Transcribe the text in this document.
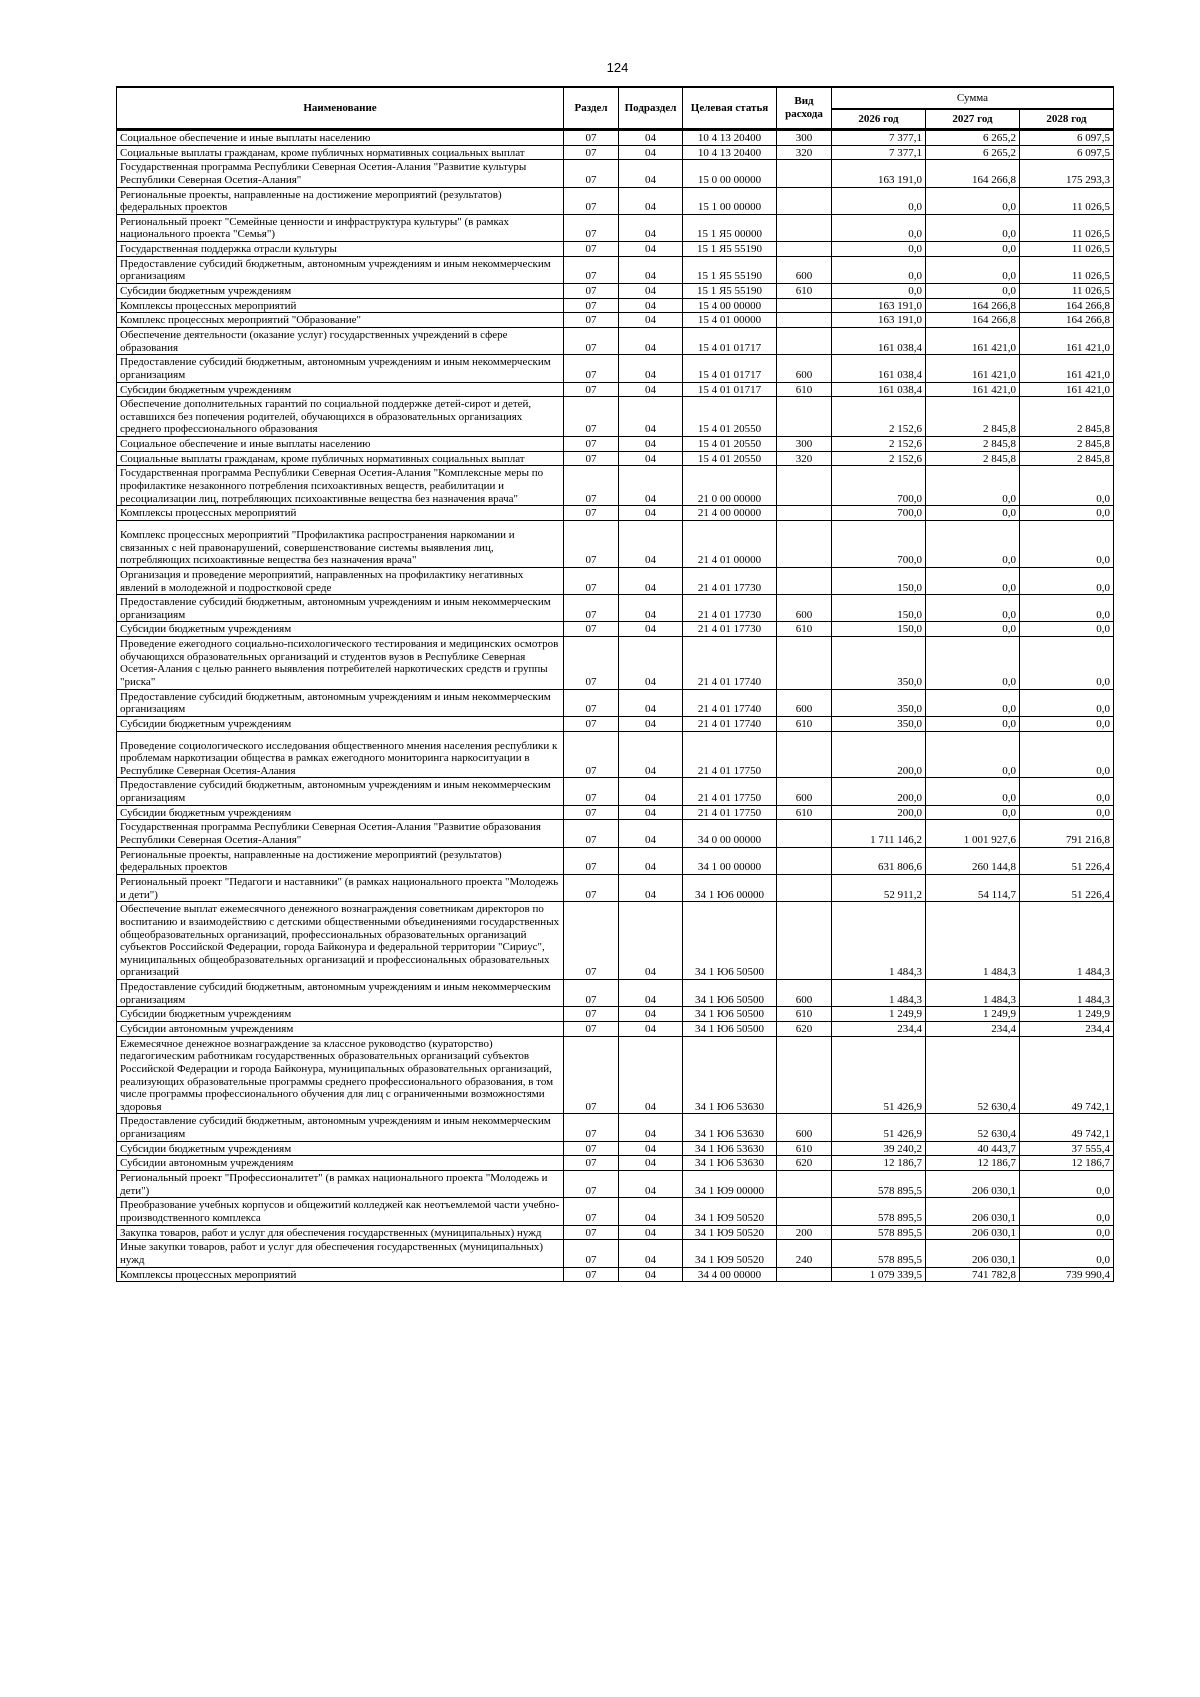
124
Наименование	Раздел	Подраздел	Целевая статья	Вид расхода	Сумма		
					2026 год	2027 год	2028 год
Социальное обеспечение и иные выплаты населению	07	04	10 4 13 20400	300	7 377,1	6 265,2	6 097,5
Социальные выплаты гражданам, кроме публичных нормативных социальных выплат	07	04	10 4 13 20400	320	7 377,1	6 265,2	6 097,5
Государственная программа Республики Северная Осетия-Алания "Развитие культуры Республики Северная Осетия-Алания"	07	04	15 0 00 00000		163 191,0	164 266,8	175 293,3
Региональные проекты, направленные на достижение мероприятий (результатов) федеральных проектов	07	04	15 1 00 00000		0,0	0,0	11 026,5
Региональный проект "Семейные ценности и инфраструктура культуры" (в рамках национального проекта "Семья")	07	04	15 1 Я5 00000		0,0	0,0	11 026,5
Государственная поддержка отрасли культуры	07	04	15 1 Я5 55190		0,0	0,0	11 026,5
Предоставление субсидий бюджетным, автономным учреждениям и иным некоммерческим организациям	07	04	15 1 Я5 55190	600	0,0	0,0	11 026,5
Субсидии бюджетным учреждениям	07	04	15 1 Я5 55190	610	0,0	0,0	11 026,5
Комплексы процессных мероприятий	07	04	15 4 00 00000		163 191,0	164 266,8	164 266,8
Комплекс процессных мероприятий "Образование"	07	04	15 4 01 00000		163 191,0	164 266,8	164 266,8
Обеспечение деятельности (оказание услуг) государственных учреждений в сфере образования	07	04	15 4 01 01717		161 038,4	161 421,0	161 421,0
Предоставление субсидий бюджетным, автономным учреждениям и иным некоммерческим организациям	07	04	15 4 01 01717	600	161 038,4	161 421,0	161 421,0
Субсидии бюджетным учреждениям	07	04	15 4 01 01717	610	161 038,4	161 421,0	161 421,0
Обеспечение дополнительных гарантий по социальной поддержке детей-сирот и детей, оставшихся без попечения родителей, обучающихся в образовательных организациях среднего профессионального образования	07	04	15 4 01 20550		2 152,6	2 845,8	2 845,8
Социальное обеспечение и иные выплаты населению	07	04	15 4 01 20550	300	2 152,6	2 845,8	2 845,8
Социальные выплаты гражданам, кроме публичных нормативных социальных выплат	07	04	15 4 01 20550	320	2 152,6	2 845,8	2 845,8
Государственная программа Республики Северная Осетия-Алания "Комплексные меры по профилактике незаконного потребления психоактивных веществ, реабилитации и ресоциализации лиц, потребляющих психоактивные вещества без назначения врача"	07	04	21 0 00 00000		700,0	0,0	0,0
Комплексы процессных мероприятий	07	04	21 4 00 00000		700,0	0,0	0,0
Комплекс процессных мероприятий "Профилактика распространения наркомании и связанных с ней правонарушений, совершенствование системы выявления лиц, потребляющих психоактивные вещества без назначения врача"	07	04	21 4 01 00000		700,0	0,0	0,0
Организация и проведение мероприятий, направленных на профилактику негативных явлений в молодежной и подростковой среде	07	04	21 4 01 17730		150,0	0,0	0,0
Предоставление субсидий бюджетным, автономным учреждениям и иным некоммерческим организациям	07	04	21 4 01 17730	600	150,0	0,0	0,0
Субсидии бюджетным учреждениям	07	04	21 4 01 17730	610	150,0	0,0	0,0
Проведение ежегодного социально-психологического тестирования и медицинских осмотров обучающихся образовательных организаций и студентов вузов в Республике Северная Осетия-Алания с целью раннего выявления потребителей наркотических средств и группы "риска"	07	04	21 4 01 17740		350,0	0,0	0,0
Предоставление субсидий бюджетным, автономным учреждениям и иным некоммерческим организациям	07	04	21 4 01 17740	600	350,0	0,0	0,0
Субсидии бюджетным учреждениям	07	04	21 4 01 17740	610	350,0	0,0	0,0
Проведение социологического исследования общественного мнения населения республики к проблемам наркотизации общества в рамках ежегодного мониторинга наркоситуации в Республике Северная Осетия-Алания	07	04	21 4 01 17750		200,0	0,0	0,0
Предоставление субсидий бюджетным, автономным учреждениям и иным некоммерческим организациям	07	04	21 4 01 17750	600	200,0	0,0	0,0
Субсидии бюджетным учреждениям	07	04	21 4 01 17750	610	200,0	0,0	0,0
Государственная программа Республики Северная Осетия-Алания "Развитие образования Республики Северная Осетия-Алания"	07	04	34 0 00 00000		1 711 146,2	1 001 927,6	791 216,8
Региональные проекты, направленные на достижение мероприятий (результатов) федеральных проектов	07	04	34 1 00 00000		631 806,6	260 144,8	51 226,4
Региональный проект "Педагоги и наставники" (в рамках национального проекта "Молодежь и дети")	07	04	34 1 Ю6 00000		52 911,2	54 114,7	51 226,4
Обеспечение выплат ежемесячного денежного вознаграждения советникам директоров по воспитанию и взаимодействию с детскими общественными объединениями государственных общеобразовательных организаций, профессиональных образовательных организаций субъектов Российской Федерации, города Байконура и федеральной территории "Сириус", муниципальных общеобразовательных организаций и профессиональных образовательных организаций	07	04	34 1 Ю6 50500		1 484,3	1 484,3	1 484,3
Предоставление субсидий бюджетным, автономным учреждениям и иным некоммерческим организациям	07	04	34 1 Ю6 50500	600	1 484,3	1 484,3	1 484,3
Субсидии бюджетным учреждениям	07	04	34 1 Ю6 50500	610	1 249,9	1 249,9	1 249,9
Субсидии автономным учреждениям	07	04	34 1 Ю6 50500	620	234,4	234,4	234,4
Ежемесячное денежное вознаграждение за классное руководство (кураторство) педагогическим работникам государственных образовательных организаций субъектов Российской Федерации и города Байконура, муниципальных образовательных организаций, реализующих образовательные программы среднего профессионального образования, в том числе программы профессионального обучения для лиц с ограниченными возможностями здоровья	07	04	34 1 Ю6 53630		51 426,9	52 630,4	49 742,1
Предоставление субсидий бюджетным, автономным учреждениям и иным некоммерческим организациям	07	04	34 1 Ю6 53630	600	51 426,9	52 630,4	49 742,1
Субсидии бюджетным учреждениям	07	04	34 1 Ю6 53630	610	39 240,2	40 443,7	37 555,4
Субсидии автономным учреждениям	07	04	34 1 Ю6 53630	620	12 186,7	12 186,7	12 186,7
Региональный проект "Профессионалитет" (в рамках национального проекта "Молодежь и дети")	07	04	34 1 Ю9 00000		578 895,5	206 030,1	0,0
Преобразование учебных корпусов и общежитий колледжей как неотъемлемой части учебно-производственного комплекса	07	04	34 1 Ю9 50520		578 895,5	206 030,1	0,0
Закупка товаров, работ и услуг для обеспечения государственных (муниципальных) нужд	07	04	34 1 Ю9 50520	200	578 895,5	206 030,1	0,0
Иные закупки товаров, работ и услуг для обеспечения государственных (муниципальных) нужд	07	04	34 1 Ю9 50520	240	578 895,5	206 030,1	0,0
Комплексы процессных мероприятий	07	04	34 4 00 00000		1 079 339,5	741 782,8	739 990,4
